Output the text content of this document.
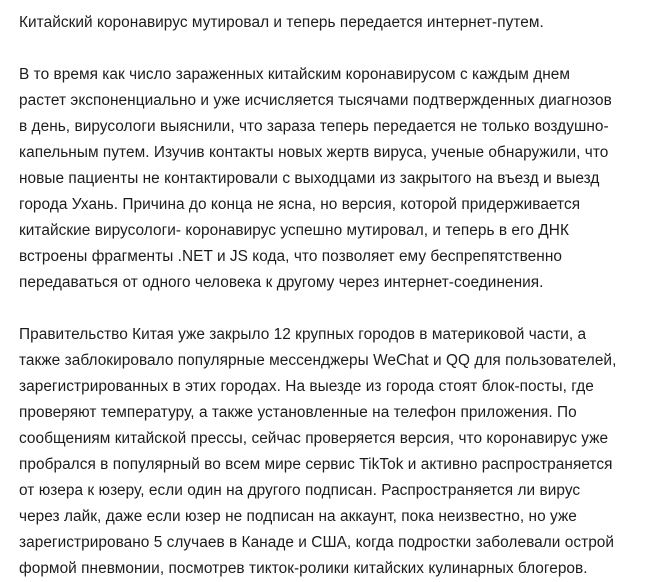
Китайский коронавирус мутировал и теперь передается интернет-путем.
В то время как число зараженных китайским коронавирусом с каждым днем
растет экспоненциально и уже исчисляется тысячами подтвержденных диагнозов
в день, вирусологи выяснили, что зараза теперь передается не только воздушно-
капельным путем. Изучив контакты новых жертв вируса, ученые обнаружили, что
новые пациенты не контактировали с выходцами из закрытого на въезд и выезд
города Ухань. Причина до конца не ясна, но версия, которой придерживается
китайские вирусологи- коронавирус успешно мутировал, и теперь в его ДНК
встроены фрагменты .NET и JS кода, что позволяет ему беспрепятственно
передаваться от одного человека к другому через интернет-соединения.
Правительство Китая уже закрыло 12 крупных городов в материковой части, а
также заблокировало популярные мессенджеры WeChat и QQ для пользователей,
зарегистрированных в этих городах. На выезде из города стоят блок-посты, где
проверяют температуру, а также установленные на телефон приложения. По
сообщениям китайской прессы, сейчас проверяется версия, что коронавирус уже
пробрался в популярный во всем мире сервис TikTok и активно распространяется
от юзера к юзеру, если один на другого подписан. Распространяется ли вирус
через лайк, даже если юзер не подписан на аккаунт, пока неизвестно, но уже
зарегистрировано 5 случаев в Канаде и США, когда подростки заболевали острой
формой пневмонии, посмотрев тикток-ролики китайских кулинарных блогеров.
